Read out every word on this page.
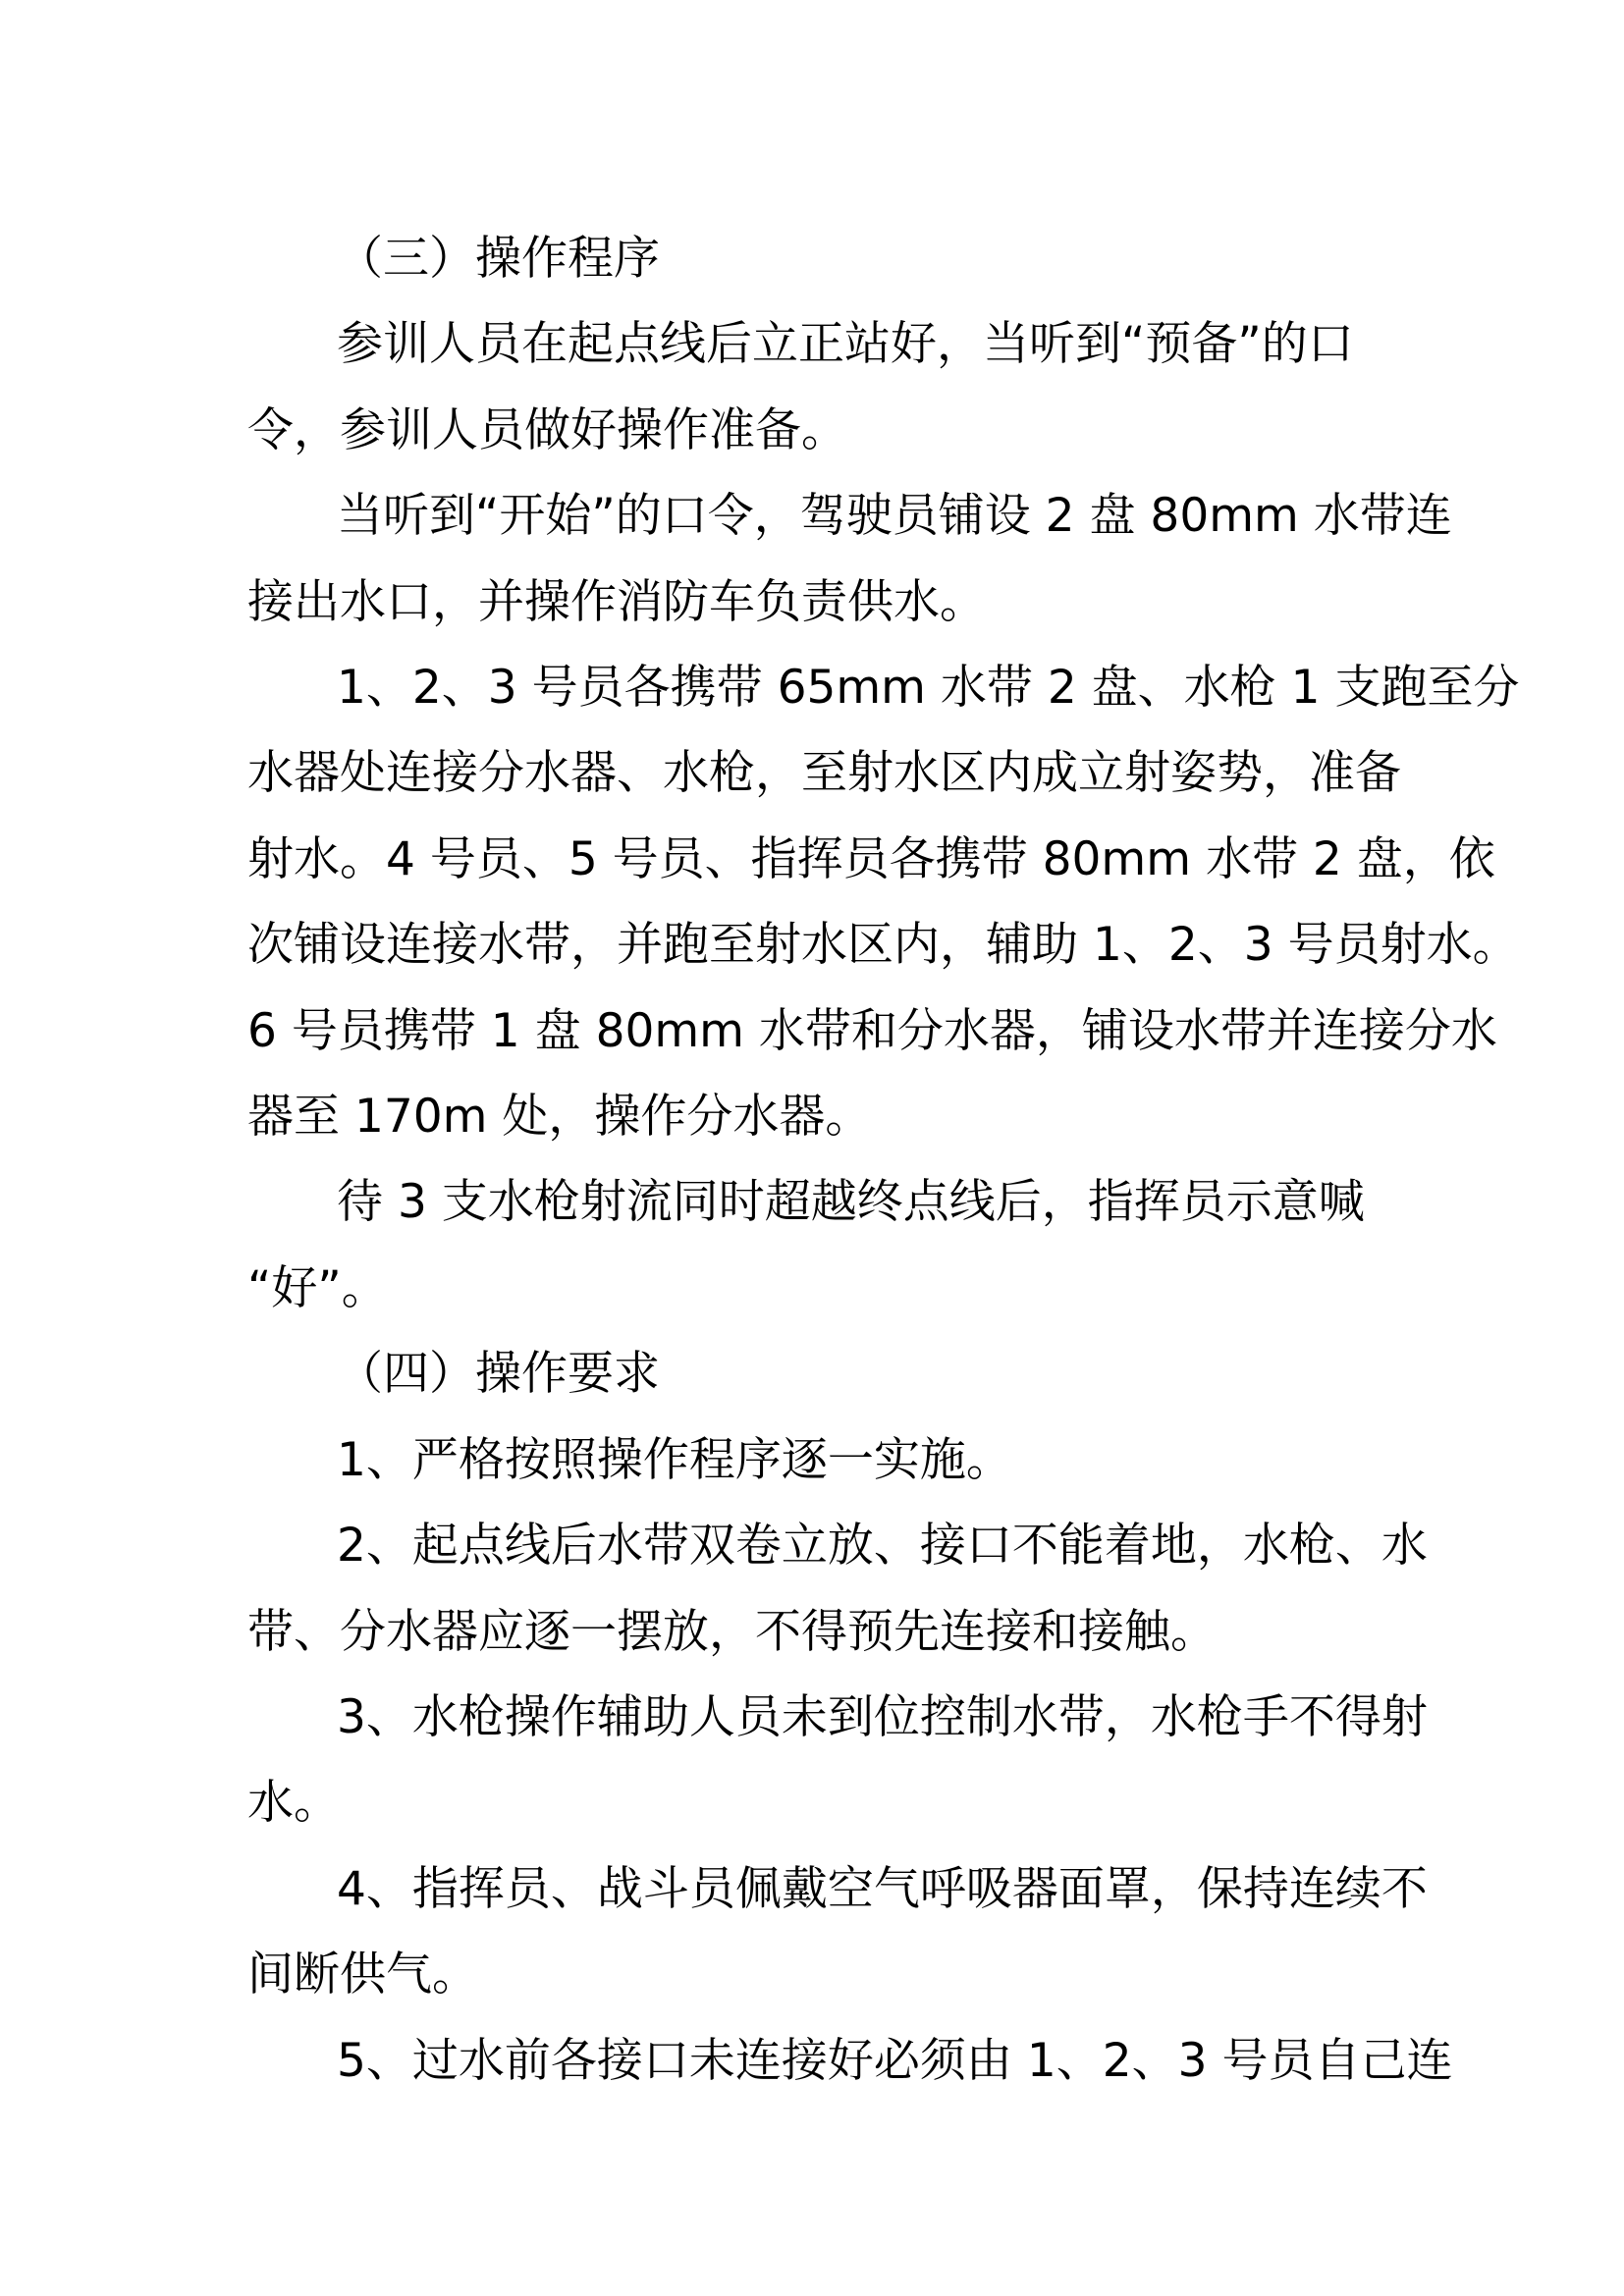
（三）操作程序
参训人员在起点线后立正站好，当听到“预备”的口
令，参训人员做好操作准备。
当听到“开始”的口令，驾驶员铺设 2 盘 80mm 水带连
接出水口，并操作消防车负责供水。
1、2、3 号员各携带 65mm 水带 2 盘、水枪 1 支跑至分
水器处连接分水器、水枪，至射水区内成立射姿势，准备
射水。4 号员、5 号员、指挥员各携带 80mm 水带 2 盘，依
次铺设连接水带，并跑至射水区内，辅助 1、2、3 号员射水。
6 号员携带 1 盘 80mm 水带和分水器，铺设水带并连接分水
器至 170m 处，操作分水器。
待 3 支水枪射流同时超越终点线后，指挥员示意喊
“好”。
（四）操作要求
1、严格按照操作程序逐一实施。
2、起点线后水带双卷立放、接口不能着地，水枪、水
带、分水器应逐一摆放，不得预先连接和接触。
3、水枪操作辅助人员未到位控制水带，水枪手不得射
水。
4、指挥员、战斗员佩戴空气呼吸器面罩，保持连续不
间断供气。
5、过水前各接口未连接好必须由 1、2、3 号员自己连
